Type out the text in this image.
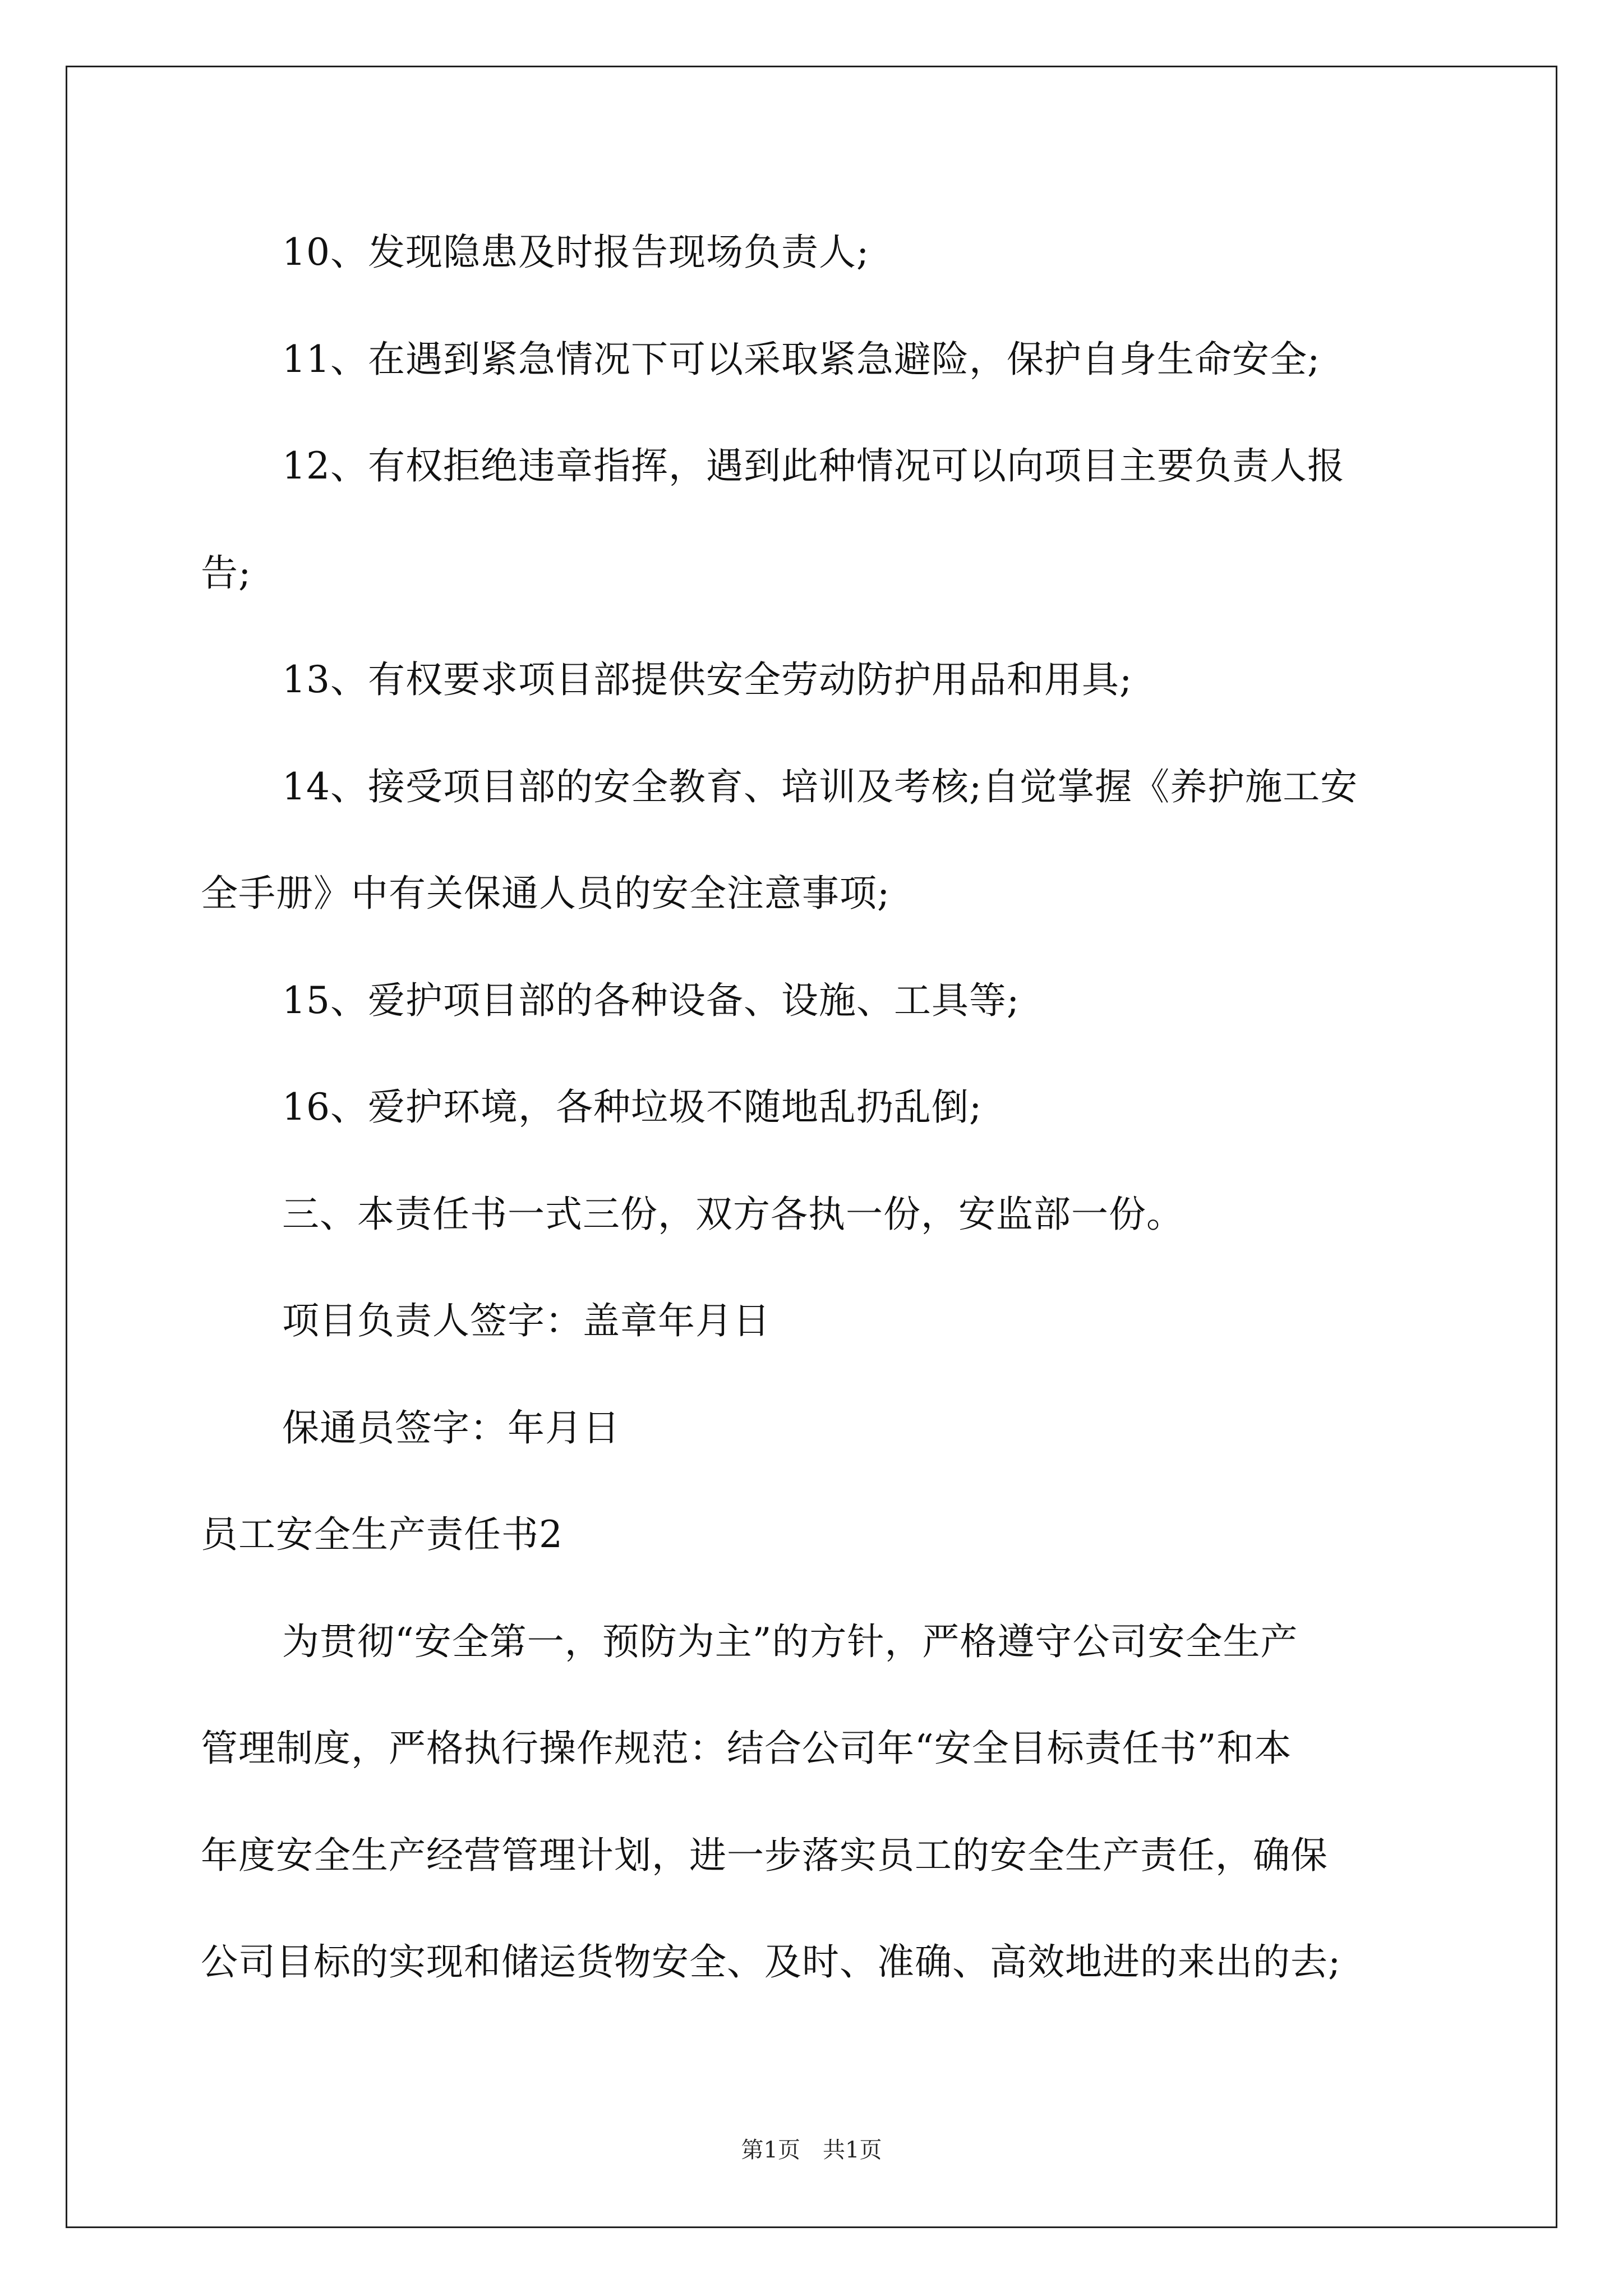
10、发现隐患及时报告现场负责人;
11、在遇到紧急情况下可以采取紧急避险，保护自身生命安全;
12、有权拒绝违章指挥，遇到此种情况可以向项目主要负责人报
告;
13、有权要求项目部提供安全劳动防护用品和用具;
14、接受项目部的安全教育、培训及考核;自觉掌握《养护施工安
全手册》中有关保通人员的安全注意事项;
15、爱护项目部的各种设备、设施、工具等;
16、爱护环境，各种垃圾不随地乱扔乱倒;
三、本责任书一式三份，双方各执一份，安监部一份。
项目负责人签字：盖章年月日
保通员签字：年月日
员工安全生产责任书2
为贯彻“安全第一，预防为主”的方针，严格遵守公司安全生产
管理制度，严格执行操作规范：结合公司年“安全目标责任书”和本
年度安全生产经营管理计划，进一步落实员工的安全生产责任，确保
公司目标的实现和储运货物安全、及时、准确、高效地进的来出的去;
第1页　共1页
